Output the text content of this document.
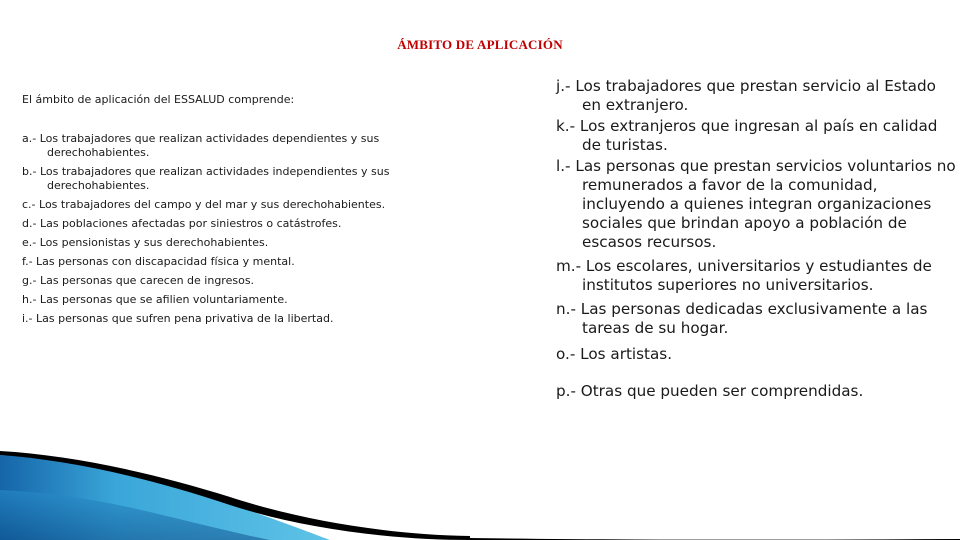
ÁMBITO DE APLICACIÓN

El ámbito de aplicación del ESSALUD comprende:

a.- Los trabajadores que realizan actividades dependientes y sus derechohabientes.
b.- Los trabajadores que realizan actividades independientes y sus derechohabientes.
c.- Los trabajadores del campo y del mar y sus derechohabientes.
d.- Las poblaciones afectadas por siniestros o catástrofes.
e.- Los pensionistas y sus derechohabientes.
f.- Las personas con discapacidad física y mental.
g.- Las personas que carecen de ingresos.
h.- Las personas que se afilien voluntariamente.
i.- Las personas que sufren pena privativa de la libertad.
j.- Los trabajadores que prestan servicio al Estado en extranjero.
k.- Los extranjeros que ingresan al país en calidad de turistas.
l.- Las personas que prestan servicios voluntarios no remunerados a favor de la comunidad, incluyendo a quienes integran organizaciones sociales que brindan apoyo a población de escasos recursos.
m.- Los escolares, universitarios y estudiantes de institutos superiores no universitarios.
n.- Las personas dedicadas exclusivamente a las tareas de su hogar.
o.- Los artistas.
p.- Otras que pueden ser comprendidas.
